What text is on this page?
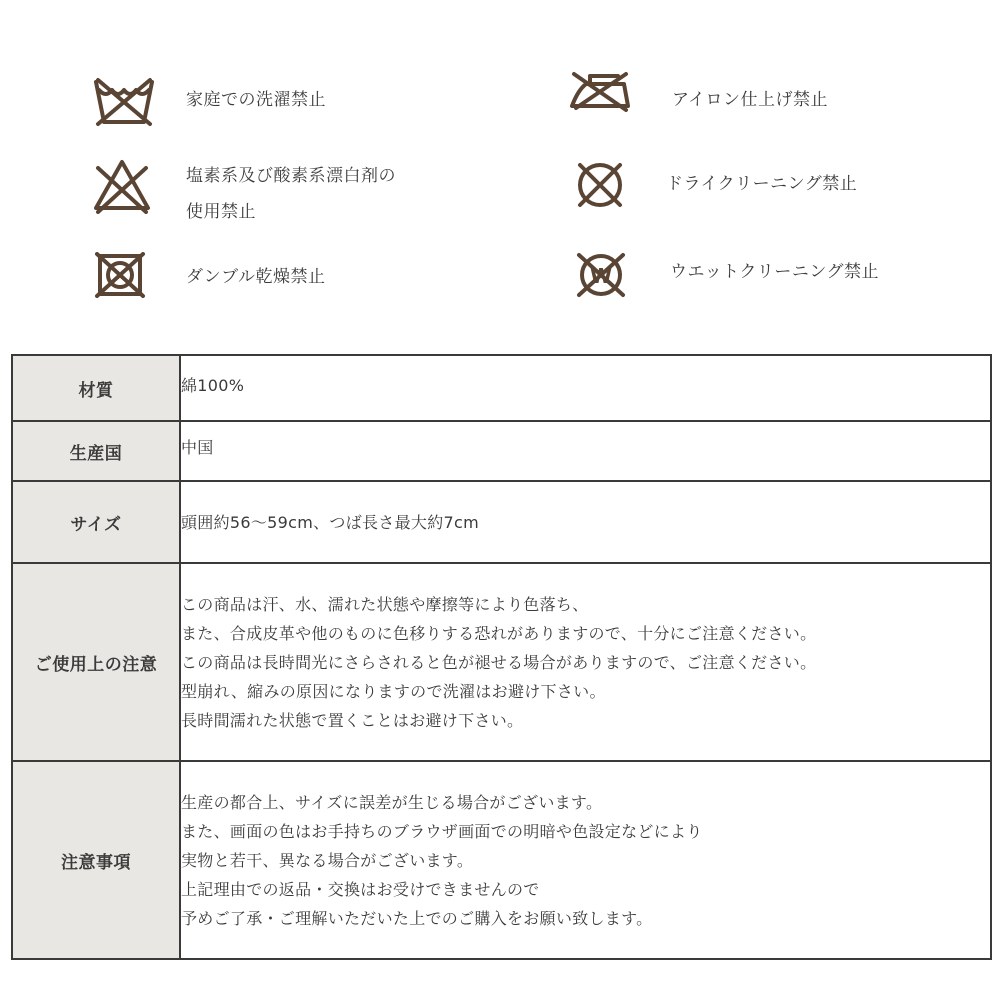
家庭での洗濯禁止
塩素系及び酸素系漂白剤の
使用禁止
ダンブル乾燥禁止
アイロン仕上げ禁止
ドライクリーニング禁止
W	ウエットクリーニング禁止
材質	綿100%

生産国	中国

サイズ	頭囲約56～59cm、つば長さ最大約7cm

ご使用上の注意	この商品は汗、水、濡れた状態や摩擦等により色落ち、
また、合成皮革や他のものに色移りする恐れがありますので、十分にご注意ください。
この商品は長時間光にさらされると色が褪せる場合がありますので、ご注意ください。
型崩れ、縮みの原因になりますので洗濯はお避け下さい。
長時間濡れた状態で置くことはお避け下さい。

注意事項	生産の都合上、サイズに誤差が生じる場合がございます。
また、画面の色はお手持ちのブラウザ画面での明暗や色設定などにより
実物と若干、異なる場合がございます。
上記理由での返品・交換はお受けできませんので
予めご了承・ご理解いただいた上でのご購入をお願い致します。
